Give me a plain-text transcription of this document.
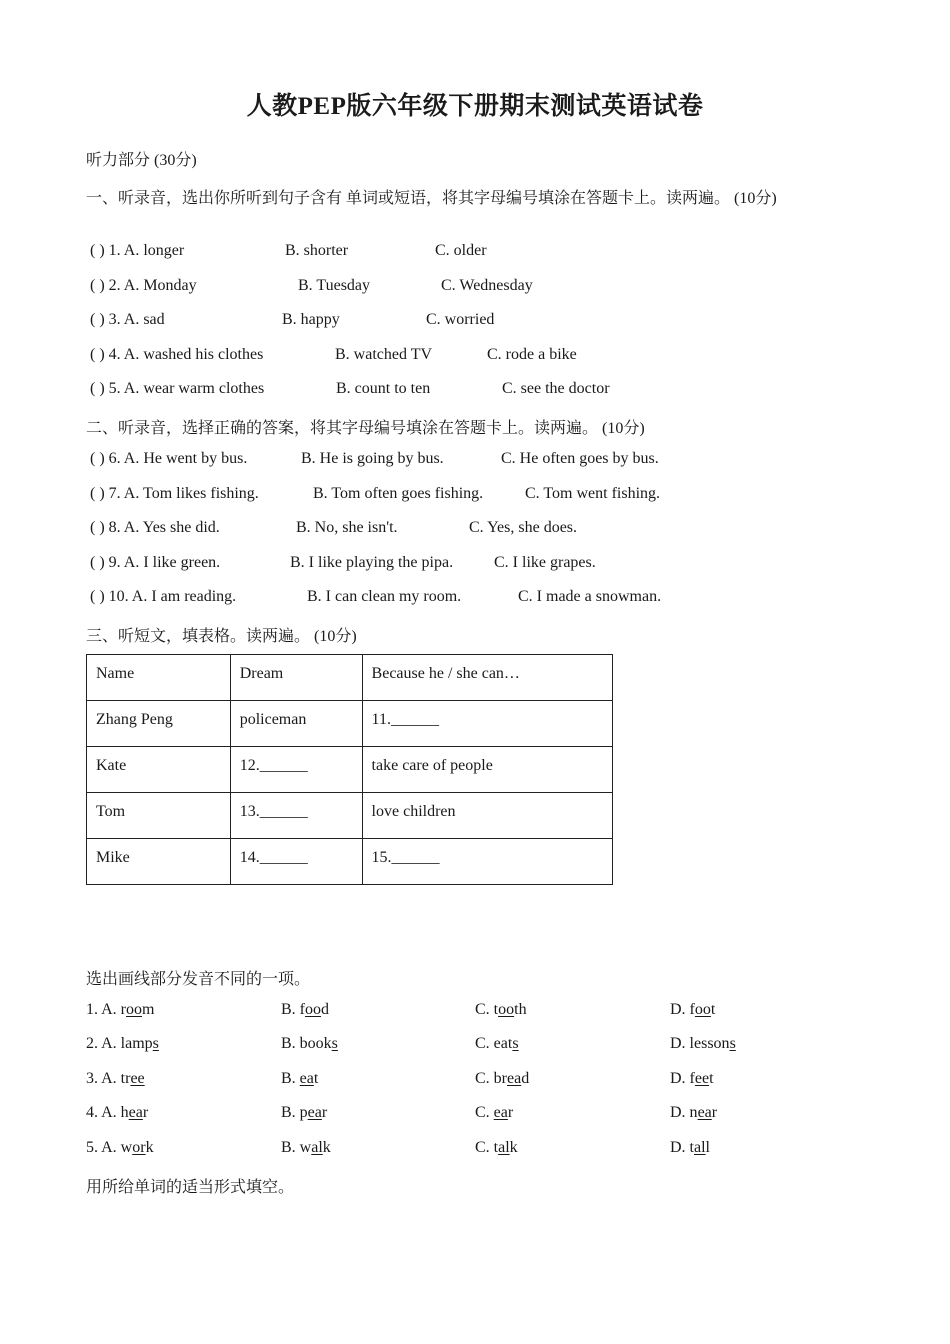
人教PEP版六年级下册期末测试英语试卷
听力部分 (30分)
一、听录音，选出你所听到句子含有 单词或短语，将其字母编号填涂在答题卡上。读两遍。 (10分)
( ) 1. A. longer	B. shorter	C. older
( ) 2. A. Monday	B. Tuesday	C. Wednesday
( ) 3. A. sad	B. happy	C. worried
( ) 4. A. washed his clothes	B. watched TV	C. rode a bike
( ) 5. A. wear warm clothes	B. count to ten	C. see the doctor
二、听录音，选择正确的答案，将其字母编号填涂在答题卡上。读两遍。 (10分)
( ) 6. A. He went by bus.	B. He is going by bus.	C. He often goes by bus.
( ) 7. A. Tom likes fishing.	B. Tom often goes fishing.	C. Tom went fishing.
( ) 8. A. Yes she did.	B. No, she isn't.	C. Yes, she does.
( ) 9. A. I like green.	B. I like playing the pipa.	C. I like grapes.
( ) 10. A. I am reading.	B. I can clean my room.	C. I made a snowman.
三、听短文，填表格。读两遍。 (10分)
Name	Dream	Because he / she can…
Zhang Peng	policeman	11.______
Kate	12.______	take care of people
Tom	13.______	love children
Mike	14.______	15.______
选出画线部分发音不同的一项。
1. A. room	B. food	C. tooth	D. foot
2. A. lamps	B. books	C. eats	D. lessons
3. A. tree	B. eat	C. bread	D. feet
4. A. hear	B. pear	C. ear	D. near
5. A. work	B. walk	C. talk	D. tall
用所给单词的适当形式填空。
